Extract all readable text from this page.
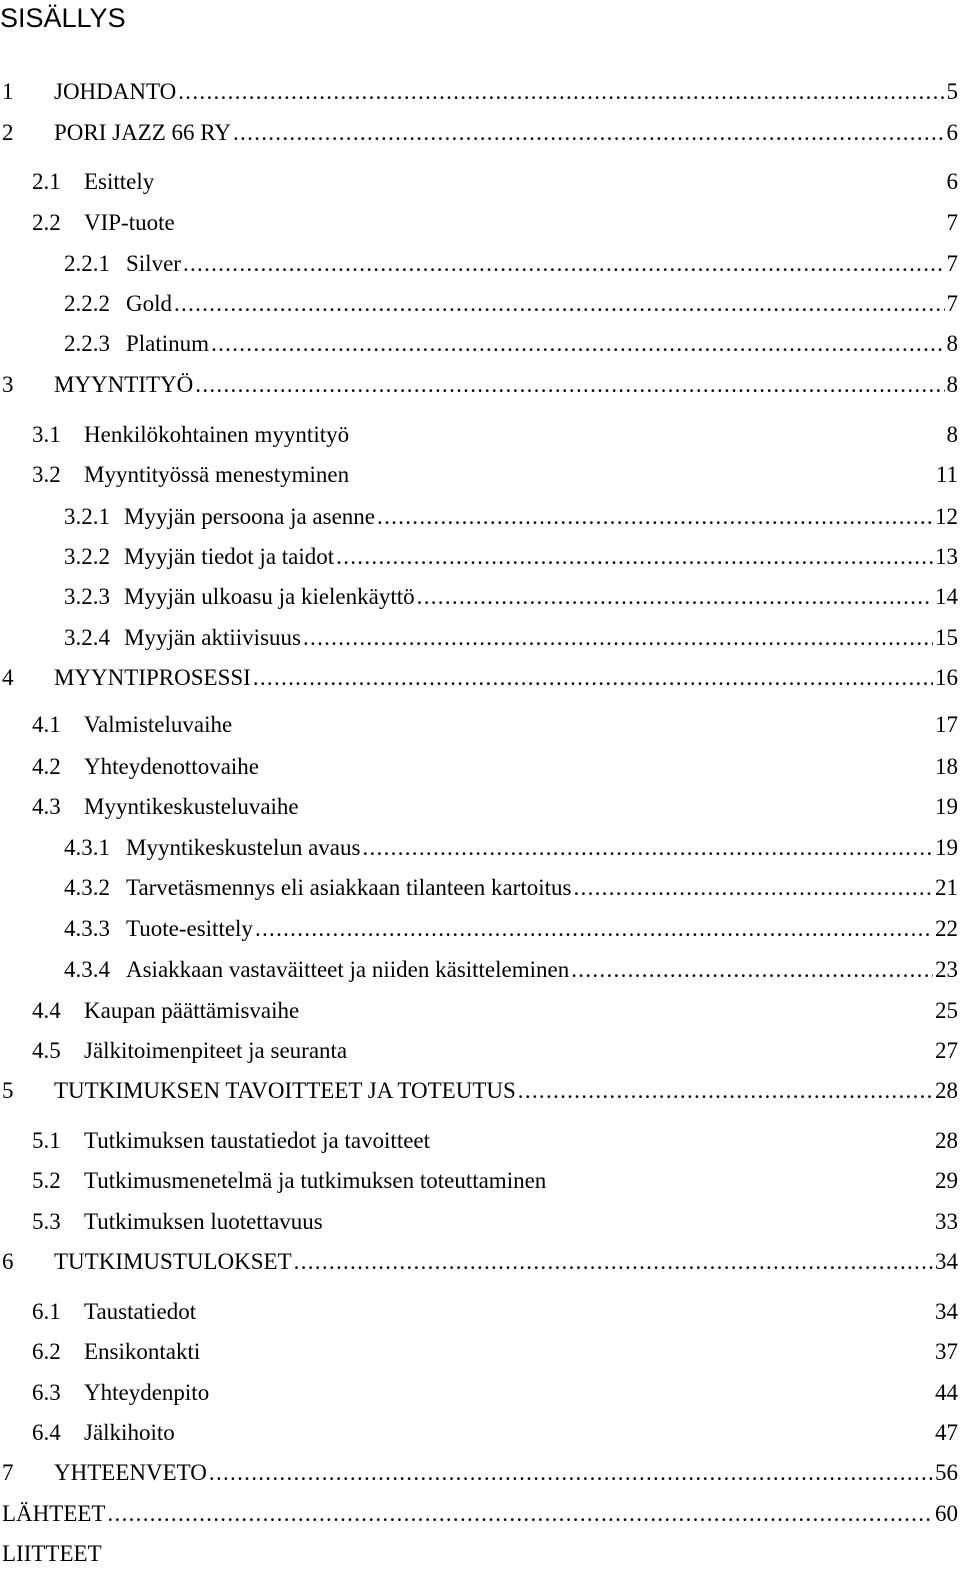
SISÄLLYS
1	JOHDANTO .....	5
2	PORI JAZZ 66 RY .....	6
2.1	Esittely	6
2.2	VIP-tuote	7
2.2.1 Silver .....	7
2.2.2 Gold .....	7
2.2.3 Platinum .....	8
3	MYYNTITYÖ .....	8
3.1	Henkilökohtainen myyntityö	8
3.2	Myyntityössä menestyminen	11
3.2.1 Myyjän persoona ja asenne .....	12
3.2.2 Myyjän tiedot ja taidot .....	13
3.2.3 Myyjän ulkoasu ja kielenkäyttö .....	14
3.2.4 Myyjän aktiivisuus .....	15
4	MYYNTIPROSESSI .....	16
4.1	Valmisteluvaihe	17
4.2	Yhteydenottovaihe	18
4.3	Myyntikeskusteluvaihe	19
4.3.1 Myyntikeskustelun avaus .....	19
4.3.2 Tarvetäsmennys eli asiakkaan tilanteen kartoitus .....	21
4.3.3 Tuote-esittely .....	22
4.3.4 Asiakkaan vastaväitteet ja niiden käsitteleminen .....	23
4.4	Kaupan päättämisvaihe	25
4.5	Jälkitoimenpiteet ja seuranta	27
5	TUTKIMUKSEN TAVOITTEET JA TOTEUTUS .....	28
5.1	Tutkimuksen taustatiedot ja tavoitteet	28
5.2	Tutkimusmenetelmä ja tutkimuksen toteuttaminen	29
5.3	Tutkimuksen luotettavuus	33
6	TUTKIMUSTULOKSET .....	34
6.1	Taustatiedot	34
6.2	Ensikontakti	37
6.3	Yhteydenpito	44
6.4	Jälkihoito	47
7	YHTEENVETO .....	56
LÄHTEET .....	60
LIITTEET
